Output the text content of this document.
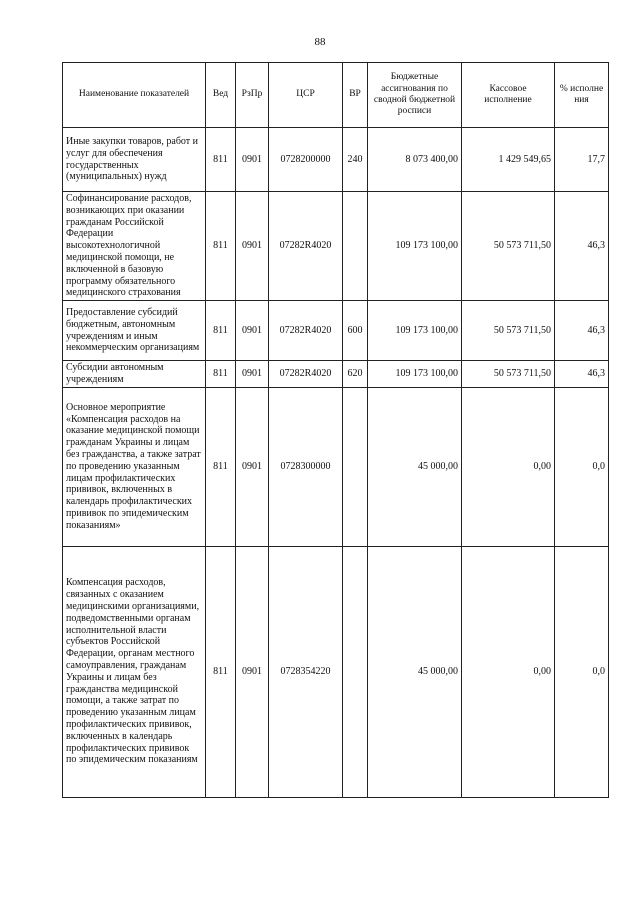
88
Наименование показателей	Вед	РзПр	ЦСР	ВР	Бюджетные ассигнования по сводной бюджетной росписи	Кассовое исполнение	% исполне ния
Иные закупки товаров, работ и услуг для обеспечения государственных (муниципальных) нужд	811	0901	0728200000	240	8 073 400,00	1 429 549,65	17,7
Софинансирование расходов, возникающих при оказании гражданам Российской Федерации высокотехнологичной медицинской помощи, не включенной в базовую программу обязательного медицинского страхования	811	0901	07282R4020		109 173 100,00	50 573 711,50	46,3
Предоставление субсидий бюджетным, автономным учреждениям и иным некоммерческим организациям	811	0901	07282R4020	600	109 173 100,00	50 573 711,50	46,3
Субсидии автономным учреждениям	811	0901	07282R4020	620	109 173 100,00	50 573 711,50	46,3
Основное мероприятие «Компенсация расходов на оказание медицинской помощи гражданам Украины и лицам без гражданства, а также затрат по проведению указанным лицам профилактических прививок, включенных в календарь профилактических прививок по эпидемическим показаниям»	811	0901	0728300000		45 000,00	0,00	0,0
Компенсация расходов, связанных с оказанием медицинскими организациями, подведомственными органам исполнительной власти субъектов Российской Федерации, органам местного самоуправления, гражданам Украины и лицам без гражданства медицинской помощи, а также затрат по проведению указанным лицам профилактических прививок, включенных в календарь профилактических прививок по эпидемическим показаниям	811	0901	0728354220		45 000,00	0,00	0,0
